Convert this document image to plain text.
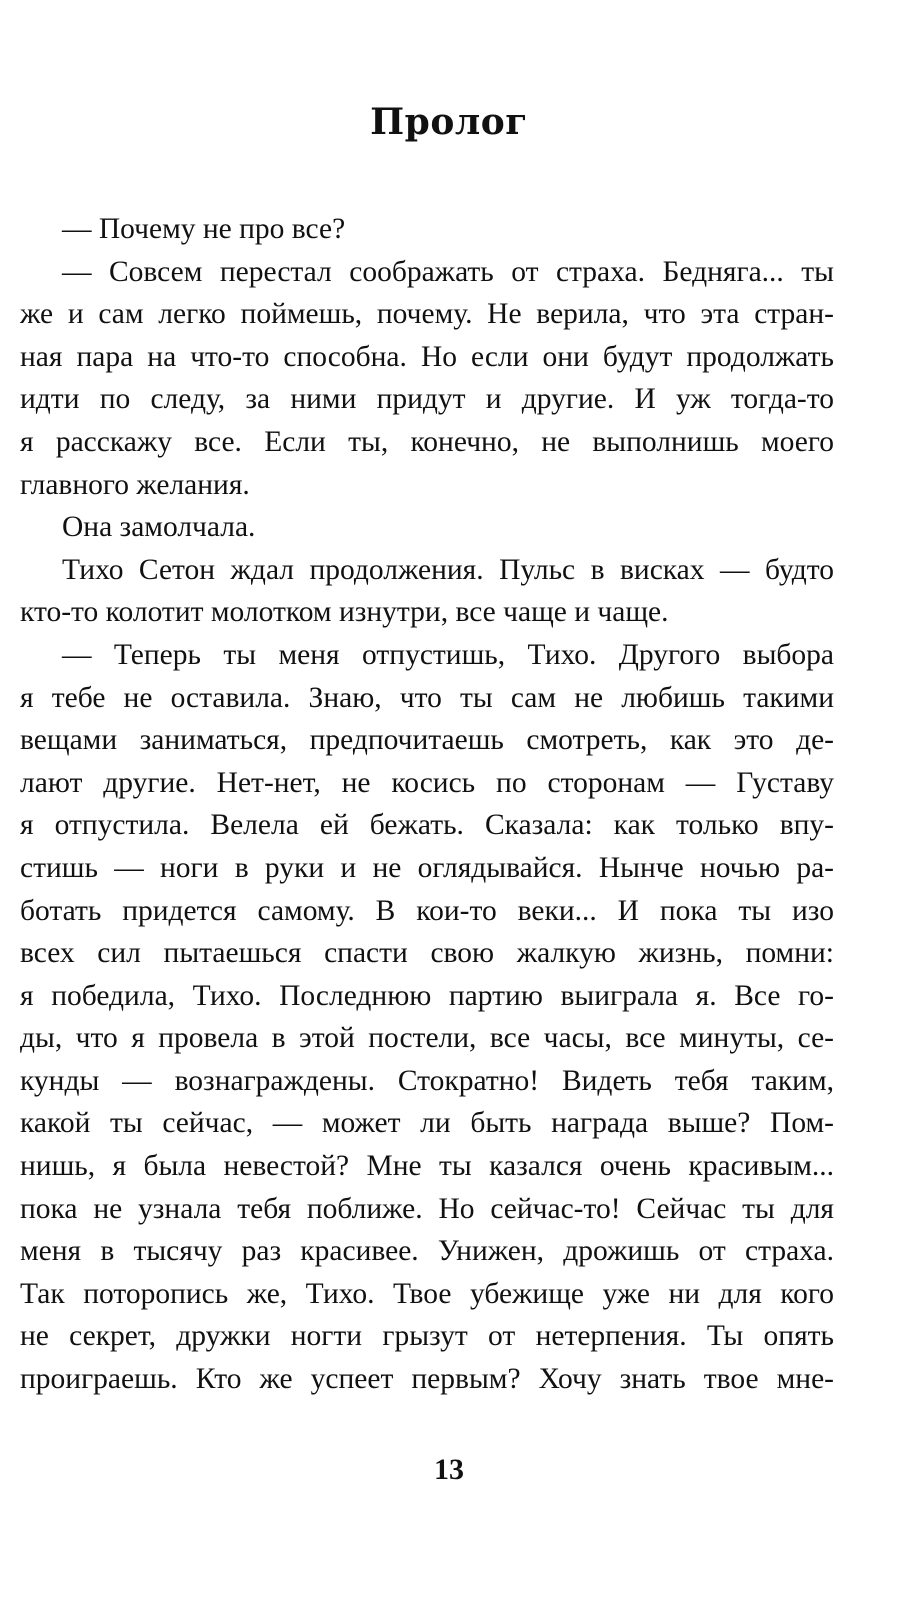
Пролог
— Почему не про все?
— Совсем перестал соображать от страха. Бедняга... ты
же и сам легко поймешь, почему. Не верила, что эта стран-
ная пара на что-то способна. Но если они будут продолжать
идти по следу, за ними придут и другие. И уж тогда-то
я расскажу все. Если ты, конечно, не выполнишь моего
главного желания.
Она замолчала.
Тихо Сетон ждал продолжения. Пульс в висках — будто
кто-то колотит молотком изнутри, все чаще и чаще.
— Теперь ты меня отпустишь, Тихо. Другого выбора
я тебе не оставила. Знаю, что ты сам не любишь такими
вещами заниматься, предпочитаешь смотреть, как это де-
лают другие. Нет-нет, не косись по сторонам — Густаву
я отпустила. Велела ей бежать. Сказала: как только впу-
стишь — ноги в руки и не оглядывайся. Нынче ночью ра-
ботать придется самому. В кои-то веки... И пока ты изо
всех сил пытаешься спасти свою жалкую жизнь, помни:
я победила, Тихо. Последнюю партию выиграла я. Все го-
ды, что я провела в этой постели, все часы, все минуты, се-
кунды — вознаграждены. Стократно! Видеть тебя таким,
какой ты сейчас, — может ли быть награда выше? Пом-
нишь, я была невестой? Мне ты казался очень красивым...
пока не узнала тебя поближе. Но сейчас-то! Сейчас ты для
меня в тысячу раз красивее. Унижен, дрожишь от страха.
Так поторопись же, Тихо. Твое убежище уже ни для кого
не секрет, дружки ногти грызут от нетерпения. Ты опять
проиграешь. Кто же успеет первым? Хочу знать твое мне-
13
